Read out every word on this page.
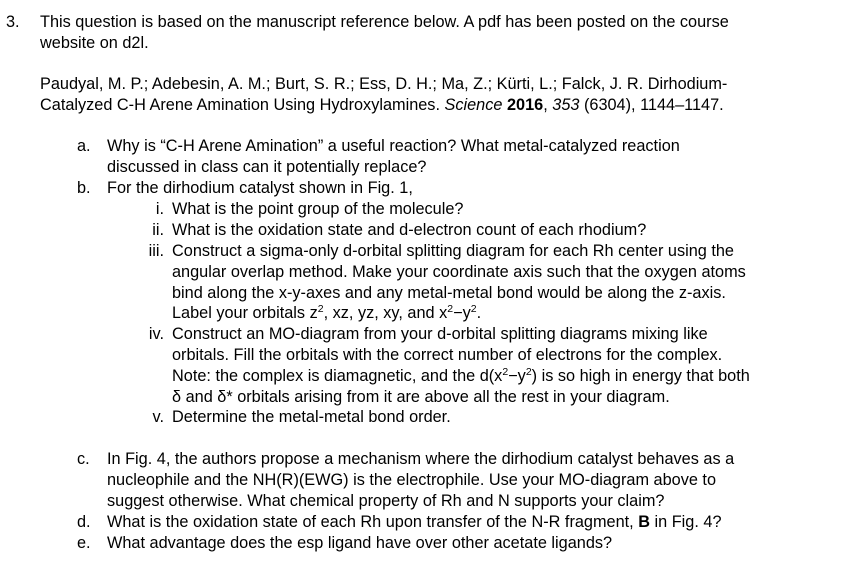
3. This question is based on the manuscript reference below. A pdf has been posted on the course
website on d2l.
Paudyal, M. P.; Adebesin, A. M.; Burt, S. R.; Ess, D. H.; Ma, Z.; Kürti, L.; Falck, J. R. Dirhodium-
Catalyzed C-H Arene Amination Using Hydroxylamines. Science 2016, 353 (6304), 1144–1147.
a. Why is “C-H Arene Amination” a useful reaction? What metal-catalyzed reaction
discussed in class can it potentially replace?
b. For the dirhodium catalyst shown in Fig. 1,
i. What is the point group of the molecule?
ii. What is the oxidation state and d-electron count of each rhodium?
iii. Construct a sigma-only d-orbital splitting diagram for each Rh center using the
angular overlap method. Make your coordinate axis such that the oxygen atoms
bind along the x-y-axes and any metal-metal bond would be along the z-axis.
Label your orbitals $z^2$, xz, yz, xy, and $x^2-y^2$.
iv. Construct an MO-diagram from your d-orbital splitting diagrams mixing like
orbitals. Fill the orbitals with the correct number of electrons for the complex.
Note: the complex is diamagnetic, and the $d(x^2-y^2)$ is so high in energy that both
δ and δ* orbitals arising from it are above all the rest in your diagram.
v. Determine the metal-metal bond order.
c. In Fig. 4, the authors propose a mechanism where the dirhodium catalyst behaves as a
nucleophile and the NH(R)(EWG) is the electrophile. Use your MO-diagram above to
suggest otherwise. What chemical property of Rh and N supports your claim?
d. What is the oxidation state of each Rh upon transfer of the N-R fragment, B in Fig. 4?
e. What advantage does the esp ligand have over other acetate ligands?
